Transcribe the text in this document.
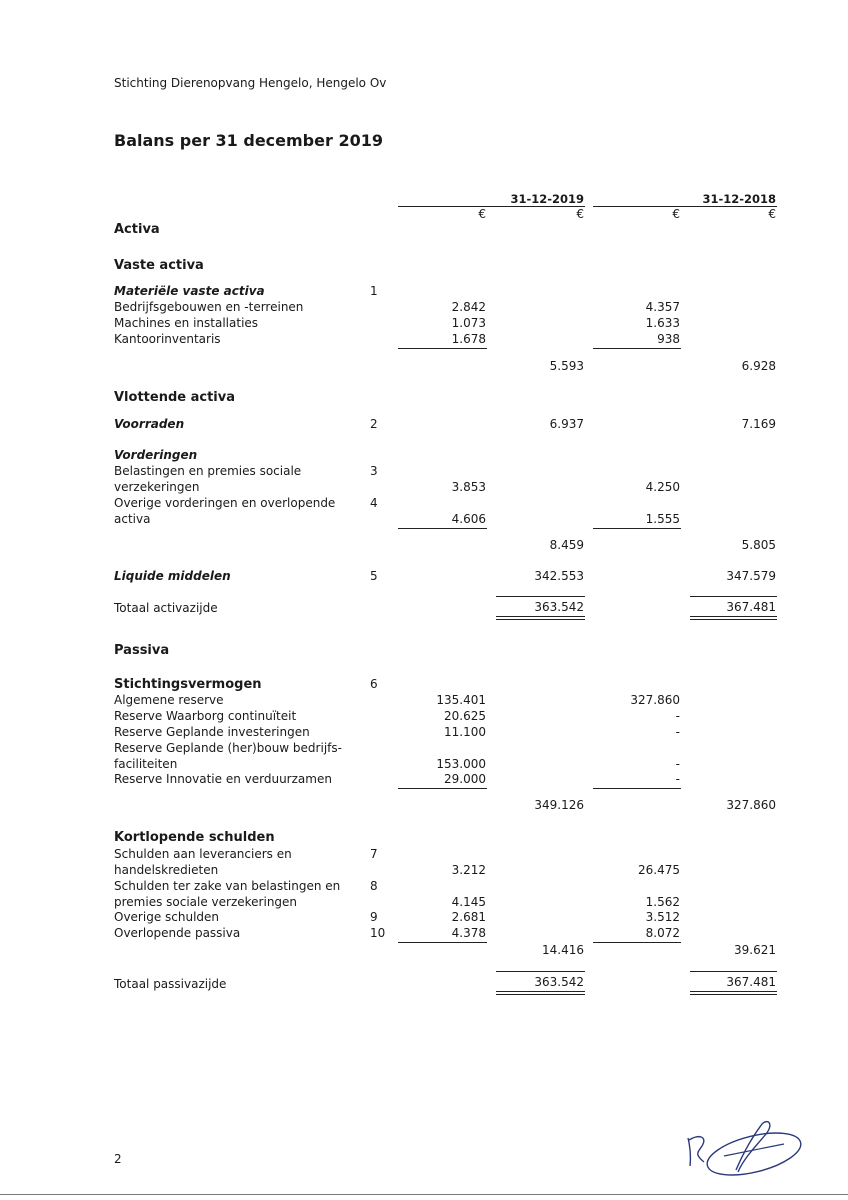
Stichting Dierenopvang Hengelo, Hengelo Ov
Balans per 31 december 2019
31-12-2019	31-12-2018
€	€	€	€
Activa
Vaste activa
Materiële vaste activa	1
Bedrijfsgebouwen en -terreinen	2.842	4.357
Machines en installaties	1.073	1.633
Kantoorinventaris	1.678	938
5.593	6.928
Vlottende activa
Voorraden	2	6.937	7.169
Vorderingen
Belastingen en premies sociale	3
verzekeringen	3.853	4.250
Overige vorderingen en overlopende	4
activa	4.606	1.555
8.459	5.805
Liquide middelen	5	342.553	347.579
Totaal activazijde	363.542	367.481
Passiva
Stichtingsvermogen	6
Algemene reserve	135.401	327.860
Reserve Waarborg continuïteit	20.625	-
Reserve Geplande investeringen	11.100	-
Reserve Geplande (her)bouw bedrijfs-
faciliteiten	153.000	-
Reserve Innovatie en verduurzamen	29.000	-
349.126	327.860
Kortlopende schulden
Schulden aan leveranciers en	7
handelskredieten	3.212	26.475
Schulden ter zake van belastingen en 8
premies sociale verzekeringen	4.145	1.562
Overige schulden	9	2.681	3.512
Overlopende passiva	10	4.378	8.072
14.416	39.621
Totaal passivazijde	363.542	367.481
2
